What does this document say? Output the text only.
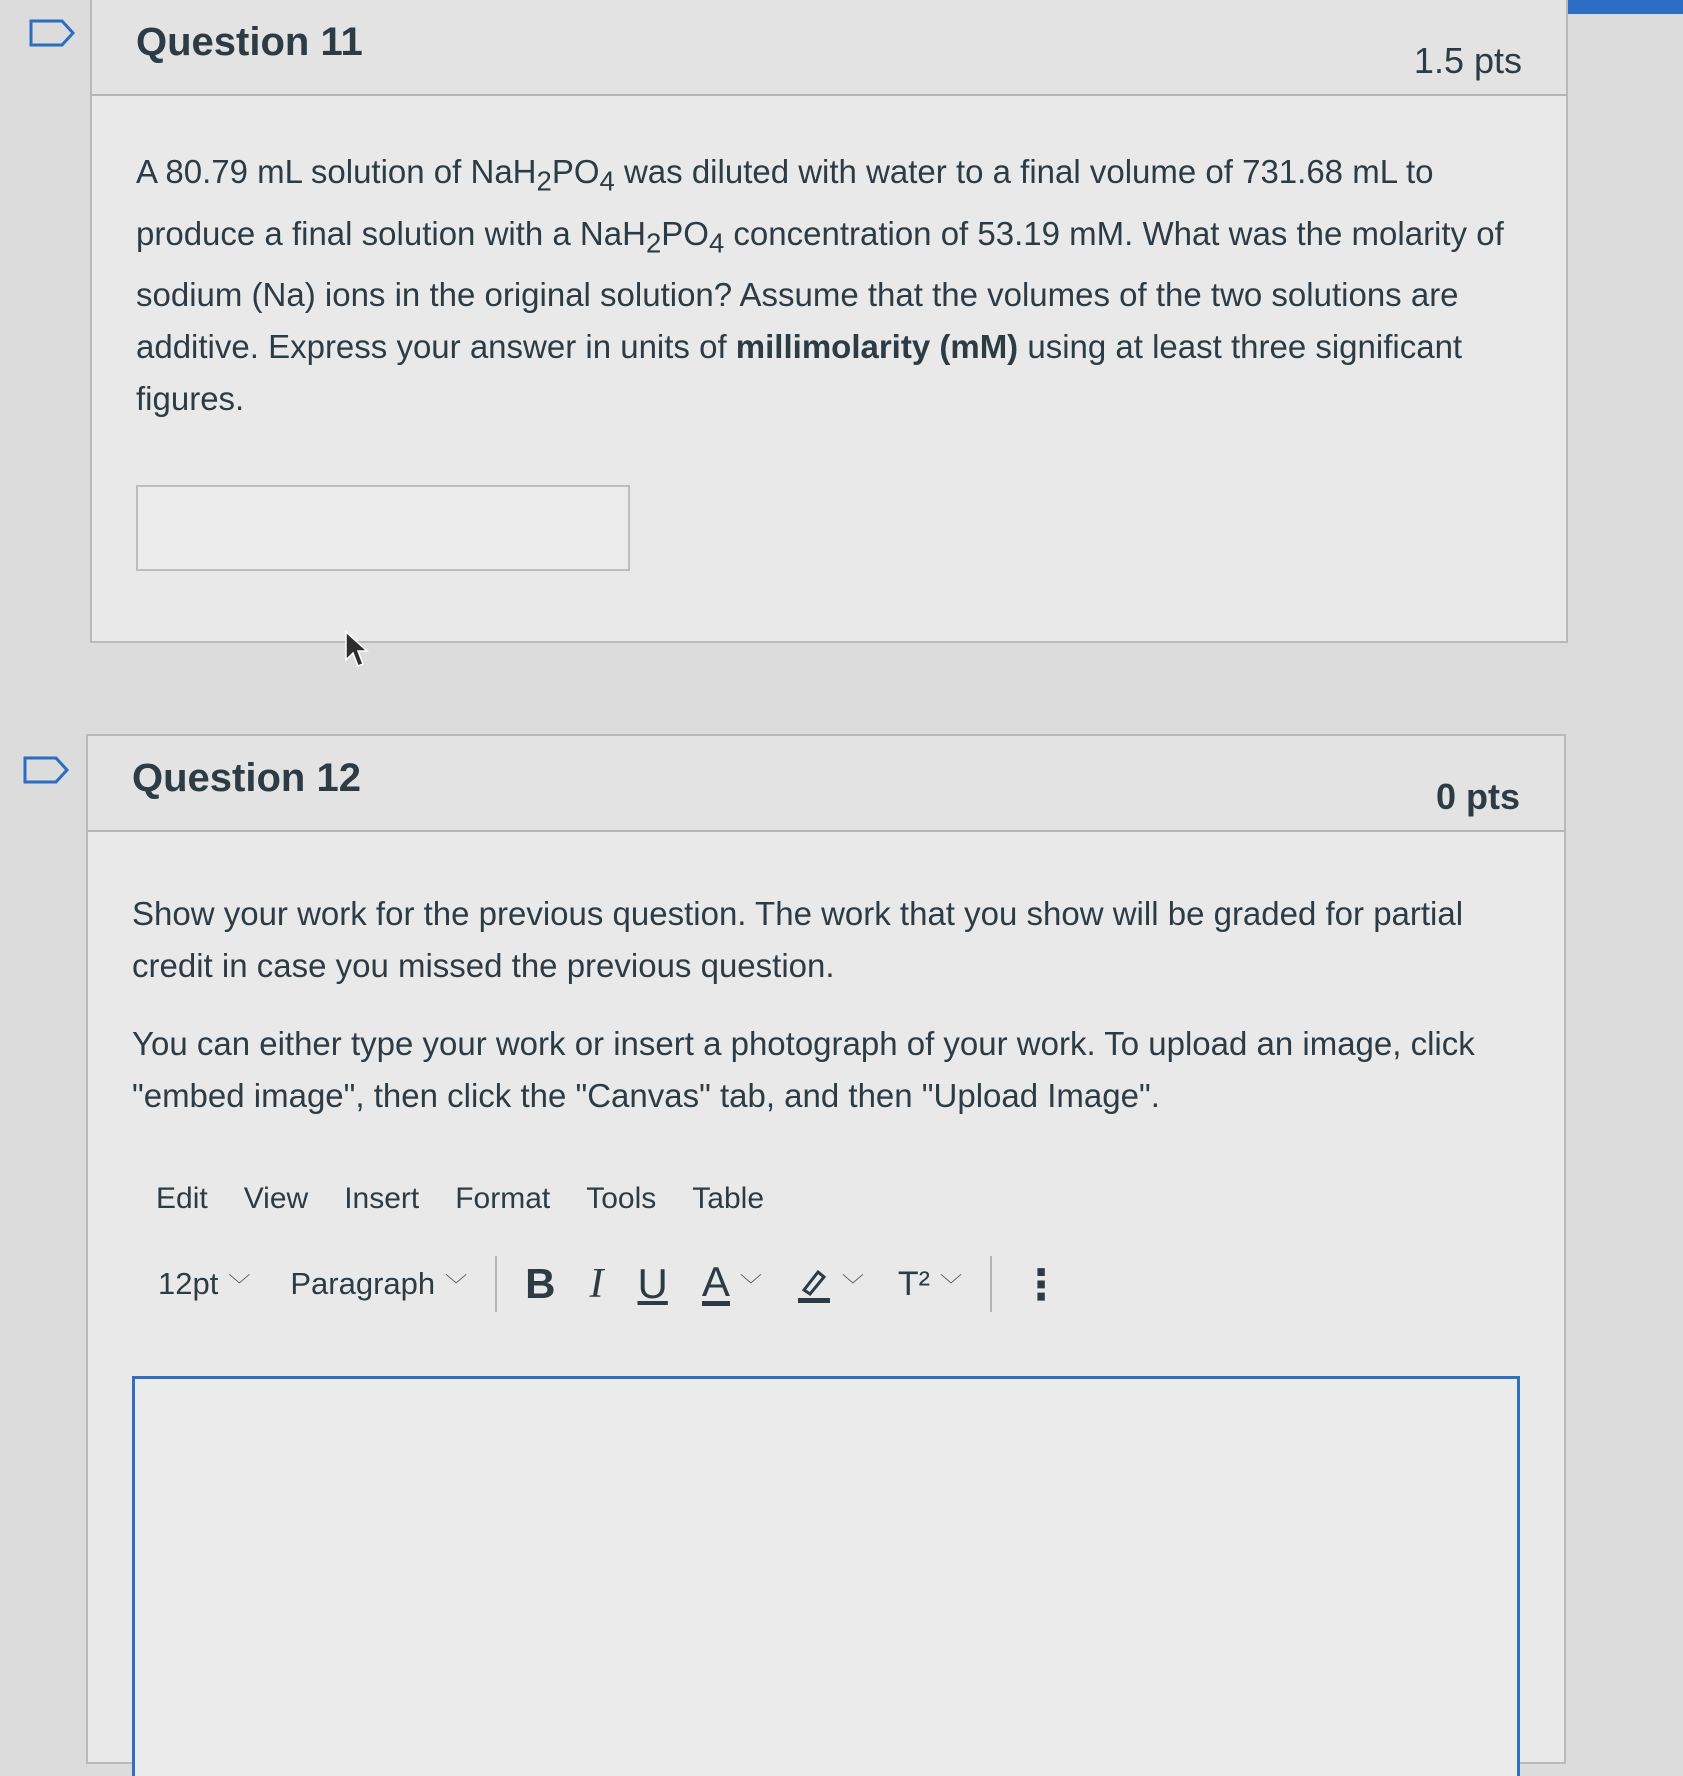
Question 11	1.5 pts

A 80.79 mL solution of $NaH_2PO_4$ was diluted with water to a final volume of 731.68 mL to produce a final solution with a $NaH_2PO_4$ concentration of 53.19 mM. What was the molarity of sodium (Na) ions in the original solution? Assume that the volumes of the two solutions are additive. Express your answer in units of millimolarity (mM) using at least three significant figures.

Question 12	0 pts

Show your work for the previous question. The work that you show will be graded for partial credit in case you missed the previous question.

You can either type your work or insert a photograph of your work. To upload an image, click "embed image", then click the "Canvas" tab, and then "Upload Image".

Edit View Insert Format Tools Table
12pt ﹀ Paragraph ﹀ B I U A ﹀	﹀ T² ﹀ ⋮
